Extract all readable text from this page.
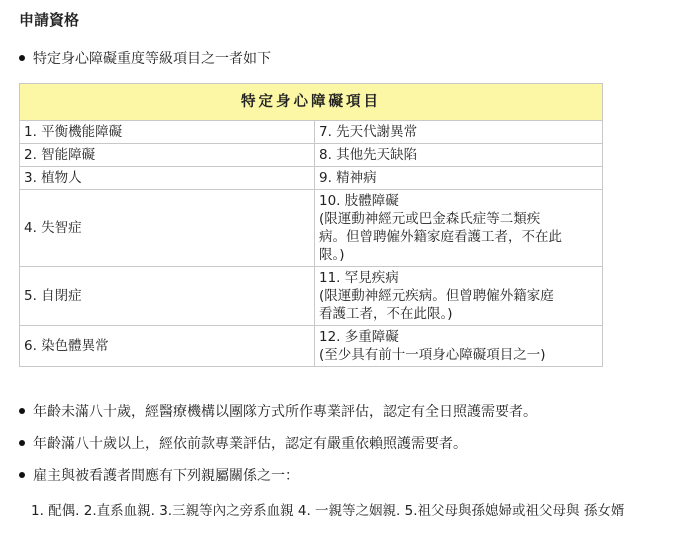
申請資格
特定身心障礙重度等級項目之一者如下
特定身心障礙項目	
1. 平衡機能障礙	7. 先天代謝異常

2. 智能障礙	8. 其他先天缺陷

3. 植物人	9. 精神病

4. 失智症	10. 肢體障礙
(限運動神經元或巴金森氏症等二類疾
病。但曾聘僱外籍家庭看護工者，不在此
限。)

5. 自閉症	11. 罕見疾病
(限運動神經元疾病。但曾聘僱外籍家庭
看護工者，不在此限。)

6. 染色體異常	12. 多重障礙
(至少具有前十一項身心障礙項目之一)
年齡未滿八十歲，經醫療機構以團隊方式所作專業評估，認定有全日照護需要者。
年齡滿八十歲以上，經依前款專業評估，認定有嚴重依賴照護需要者。
雇主與被看護者間應有下列親屬關係之一：
1. 配偶. 2.直系血親. 3.三親等內之旁系血親 4. 一親等之姻親. 5.祖父母與孫媳婦或祖父母與 孫女婿
